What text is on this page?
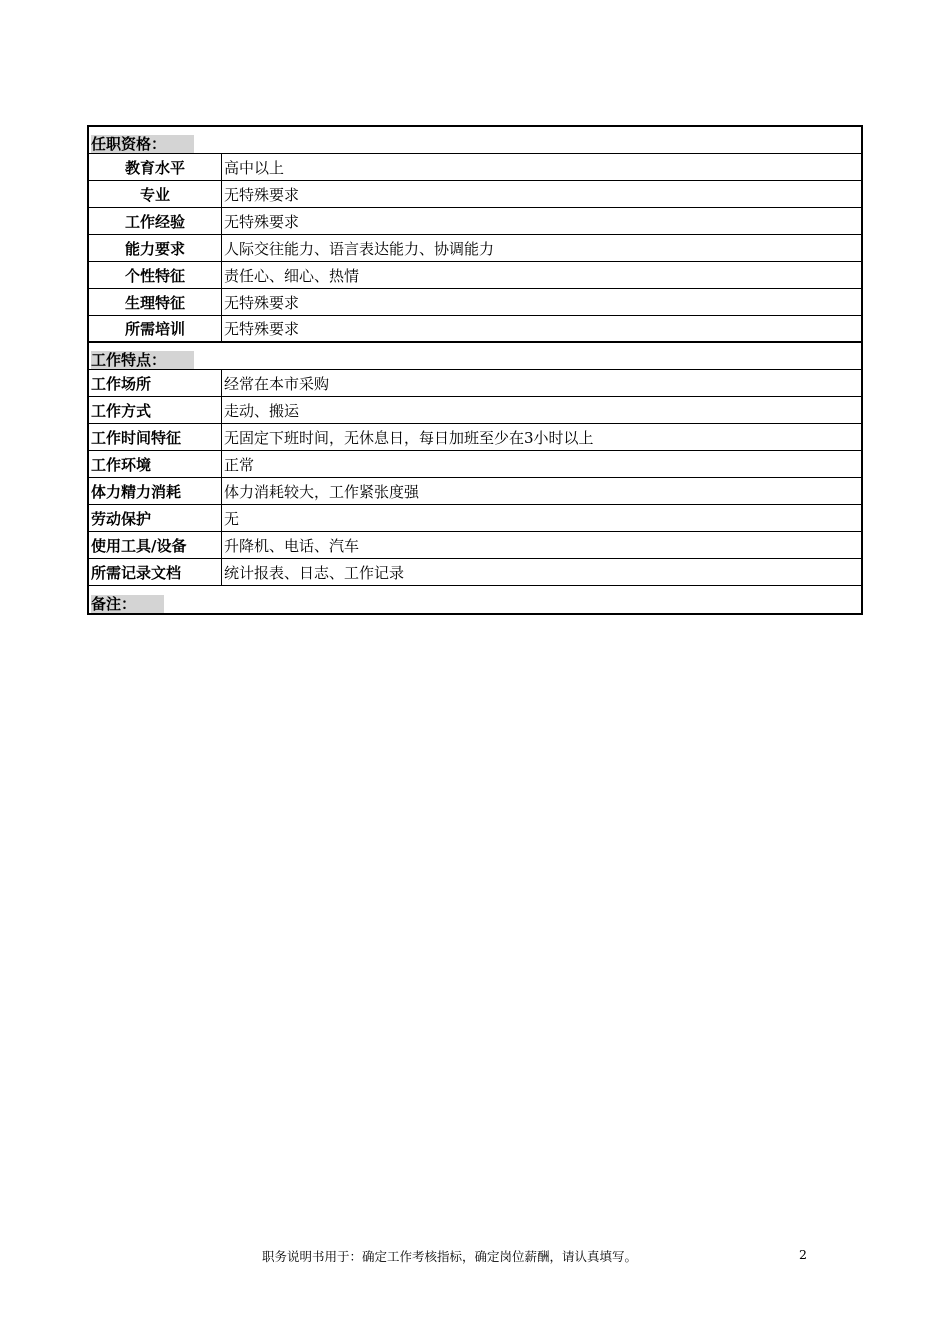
任职资格：
教育水平	高中以上
专业	无特殊要求
工作经验	无特殊要求
能力要求	人际交往能力、语言表达能力、协调能力
个性特征	责任心、细心、热情
生理特征	无特殊要求
所需培训	无特殊要求
工作特点：
工作场所	经常在本市采购
工作方式	走动、搬运
工作时间特征	无固定下班时间，无休息日，每日加班至少在3小时以上
工作环境	正常
体力精力消耗	体力消耗较大，工作紧张度强
劳动保护	无
使用工具/设备	升降机、电话、汽车
所需记录文档	统计报表、日志、工作记录
备注：
职务说明书用于：确定工作考核指标，确定岗位薪酬，请认真填写。	2
